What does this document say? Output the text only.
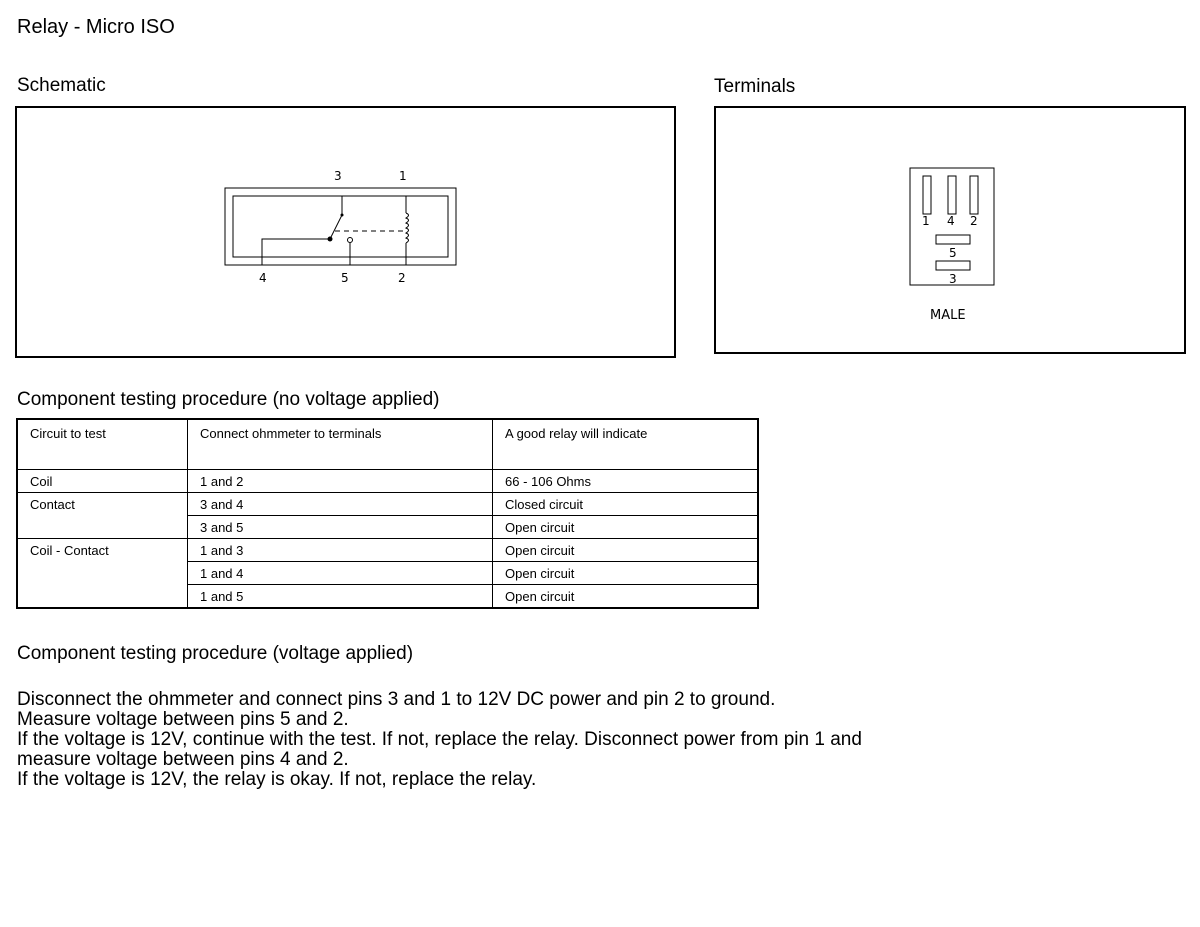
Relay - Micro ISO
Schematic
3	1
4	5	2
Terminals
1 4 2
5
3
MALE
Component testing procedure (no voltage applied)
Circuit to test	Connect ohmmeter to terminals	A good relay will indicate
Coil	1 and 2	66 - 106 Ohms
Contact	3 and 4	Closed circuit
	3 and 5	Open circuit
Coil - Contact	1 and 3	Open circuit
	1 and 4	Open circuit
	1 and 5	Open circuit
Component testing procedure (voltage applied)
Disconnect the ohmmeter and connect pins 3 and 1 to 12V DC power and pin 2 to ground.
Measure voltage between pins 5 and 2.
If the voltage is 12V, continue with the test. If not, replace the relay. Disconnect power from pin 1 and
measure voltage between pins 4 and 2.
If the voltage is 12V, the relay is okay. If not, replace the relay.
